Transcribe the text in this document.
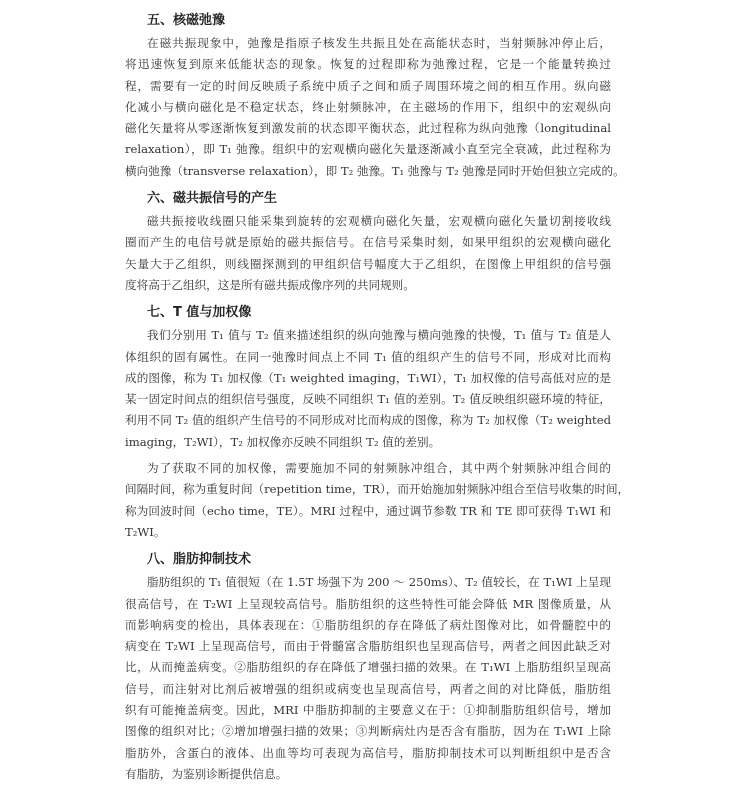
五、核磁弛豫
在磁共振现象中，弛豫是指原子核发生共振且处在高能状态时，当射频脉冲停止后，
将迅速恢复到原来低能状态的现象。恢复的过程即称为弛豫过程，它是一个能量转换过
程，需要有一定的时间反映质子系统中质子之间和质子周围环境之间的相互作用。纵向磁
化减小与横向磁化是不稳定状态，终止射频脉冲，在主磁场的作用下，组织中的宏观纵向
磁化矢量将从零逐渐恢复到激发前的状态即平衡状态，此过程称为纵向弛豫（longitudinal
relaxation），即 T₁ 弛豫。组织中的宏观横向磁化矢量逐渐减小直至完全衰减，此过程称为
横向弛豫（transverse relaxation），即 T₂ 弛豫。T₁ 弛豫与 T₂ 弛豫是同时开始但独立完成的。
六、磁共振信号的产生
磁共振接收线圈只能采集到旋转的宏观横向磁化矢量，宏观横向磁化矢量切割接收线
圈而产生的电信号就是原始的磁共振信号。在信号采集时刻，如果甲组织的宏观横向磁化
矢量大于乙组织，则线圈探测到的甲组织信号幅度大于乙组织，在图像上甲组织的信号强
度将高于乙组织，这是所有磁共振成像序列的共同规则。
七、T 值与加权像
我们分别用 T₁ 值与 T₂ 值来描述组织的纵向弛豫与横向弛豫的快慢，T₁ 值与 T₂ 值是人
体组织的固有属性。在同一弛豫时间点上不同 T₁ 值的组织产生的信号不同，形成对比而构
成的图像，称为 T₁ 加权像（T₁ weighted imaging，T₁WI），T₁ 加权像的信号高低对应的是
某一固定时间点的组织信号强度，反映不同组织 T₁ 值的差别。T₂ 值反映组织磁环境的特征，
利用不同 T₂ 值的组织产生信号的不同形成对比而构成的图像，称为 T₂ 加权像（T₂ weighted
imaging，T₂WI），T₂ 加权像亦反映不同组织 T₂ 值的差别。
为了获取不同的加权像，需要施加不同的射频脉冲组合，其中两个射频脉冲组合间的
间隔时间，称为重复时间（repetition time，TR），而开始施加射频脉冲组合至信号收集的时间，
称为回波时间（echo time，TE）。MRI 过程中，通过调节参数 TR 和 TE 即可获得 T₁WI 和
T₂WI。
八、脂肪抑制技术
脂肪组织的 T₁ 值很短（在 1.5T 场强下为 200 ～ 250ms）、T₂ 值较长，在 T₁WI 上呈现
很高信号，在 T₂WI 上呈现较高信号。脂肪组织的这些特性可能会降低 MR 图像质量，从
而影响病变的检出，具体表现在：①脂肪组织的存在降低了病灶图像对比，如骨髓腔中的
病变在 T₂WI 上呈现高信号，而由于骨髓富含脂肪组织也呈现高信号，两者之间因此缺乏对
比，从而掩盖病变。②脂肪组织的存在降低了增强扫描的效果。在 T₁WI 上脂肪组织呈现高
信号，而注射对比剂后被增强的组织或病变也呈现高信号，两者之间的对比降低，脂肪组
织有可能掩盖病变。因此，MRI 中脂肪抑制的主要意义在于：①抑制脂肪组织信号，增加
图像的组织对比；②增加增强扫描的效果；③判断病灶内是否含有脂肪，因为在 T₁WI 上除
脂肪外，含蛋白的液体、出血等均可表现为高信号，脂肪抑制技术可以判断组织中是否含
有脂肪，为鉴别诊断提供信息。
